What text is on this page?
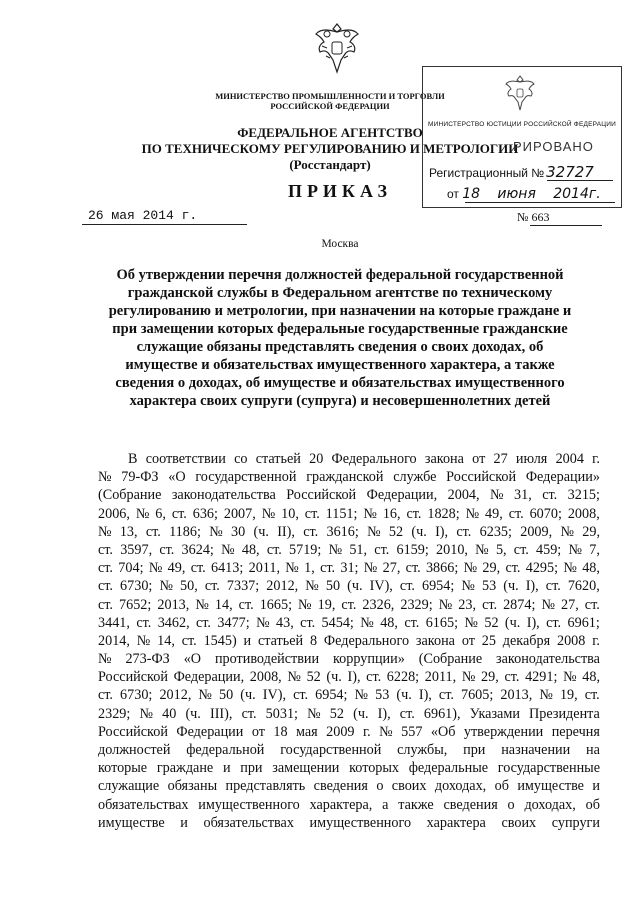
МИНИСТЕРСТВО ПРОМЫШЛЕННОСТИ И ТОРГОВЛИ
РОССИЙСКОЙ ФЕДЕРАЦИИ
ФЕДЕРАЛЬНОЕ АГЕНТСТВО
ПО ТЕХНИЧЕСКОМУ РЕГУЛИРОВАНИЮ И МЕТРОЛОГИИ
(Росстандарт)
МИНИСТЕРСТВО ЮСТИЦИИ РОССИЙСКОЙ ФЕДЕРАЦИИ
РИРОВАНО
Регистрационный № 32727
от 18 июня 2014г.
ПРИКАЗ
26 мая 2014 г.	№ 663
Москва
Об утверждении перечня должностей федеральной государственной
гражданской службы в Федеральном агентстве по техническому
регулированию и метрологии, при назначении на которые граждане и
при замещении которых федеральные государственные гражданские
служащие обязаны представлять сведения о своих доходах, об
имуществе и обязательствах имущественного характера, а также
сведения о доходах, об имуществе и обязательствах имущественного
характера своих супруги (супруга) и несовершеннолетних детей
В соответствии со статьей 20 Федерального закона от 27 июля 2004 г.
№ 79-ФЗ «О государственной гражданской службе Российской Федерации»
(Собрание законодательства Российской Федерации, 2004, № 31, ст. 3215;
2006, № 6, ст. 636; 2007, № 10, ст. 1151; № 16, ст. 1828; № 49, ст. 6070; 2008,
№ 13, ст. 1186; № 30 (ч. II), ст. 3616; № 52 (ч. I), ст. 6235; 2009, № 29,
ст. 3597, ст. 3624; № 48, ст. 5719; № 51, ст. 6159; 2010, № 5, ст. 459; № 7,
ст. 704; № 49, ст. 6413; 2011, № 1, ст. 31; № 27, ст. 3866; № 29, ст. 4295; № 48,
ст. 6730; № 50, ст. 7337; 2012, № 50 (ч. IV), ст. 6954; № 53 (ч. I), ст. 7620,
ст. 7652; 2013, № 14, ст. 1665; № 19, ст. 2326, 2329; № 23, ст. 2874; № 27, ст.
3441, ст. 3462, ст. 3477; № 43, ст. 5454; № 48, ст. 6165; № 52 (ч. I), ст. 6961;
2014, № 14, ст. 1545) и статьей 8 Федерального закона от 25 декабря 2008 г.
№ 273-ФЗ «О противодействии коррупции» (Собрание законодательства
Российской Федерации, 2008, № 52 (ч. I), ст. 6228; 2011, № 29, ст. 4291; № 48,
ст. 6730; 2012, № 50 (ч. IV), ст. 6954; № 53 (ч. I), ст. 7605; 2013, № 19, ст.
2329; № 40 (ч. III), ст. 5031; № 52 (ч. I), ст. 6961), Указами Президента
Российской Федерации от 18 мая 2009 г. № 557 «Об утверждении перечня
должностей федеральной государственной службы, при назначении на
которые граждане и при замещении которых федеральные государственные
служащие обязаны представлять сведения о своих доходах, об имуществе и
обязательствах имущественного характера, а также сведения о доходах, об
имуществе и обязательствах имущественного характера своих супруги
